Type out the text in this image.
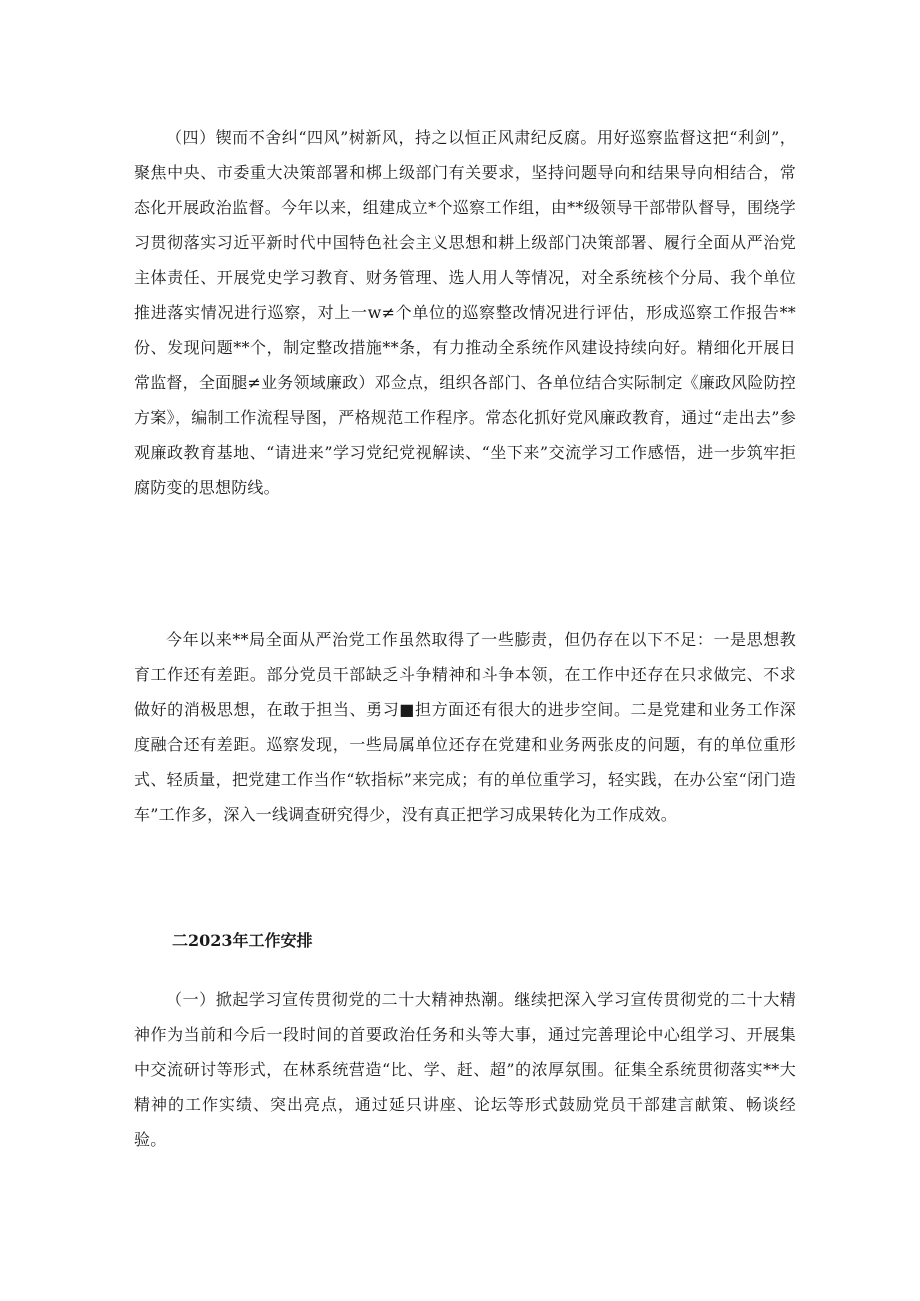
（四）锲而不舍纠“四风”树新风，持之以恒正风肃纪反腐。用好巡察监督这把“利剑”，聚焦中央、市委重大决策部署和梆上级部门有关要求，坚持问题导向和结果导向相结合，常态化开展政治监督。今年以来，组建成立*个巡察工作组，由**级领导干部带队督导，围绕学习贯彻落实习近平新时代中国特色社会主义思想和耕上级部门决策部署、履行全面从严治党主体责任、开展党史学习教育、财务管理、选人用人等情况，对全系统核个分局、我个单位推进落实情况进行巡察，对上一w≠个单位的巡察整改情况进行评估，形成巡察工作报告**份、发现问题**个，制定整改措施**条，有力推动全系统作风建设持续向好。精细化开展日常监督，全面腿≠业务领域廉政）邓佥点，组织各部门、各单位结合实际制定《廉政风险防控方案》，编制工作流程导图，严格规范工作程序。常态化抓好党风廉政教育，通过“走出去”参观廉政教育基地、“请进来”学习党纪党视解读、“坐下来”交流学习工作感悟，进一步筑牢拒腐防变的思想防线。

今年以来**局全面从严治党工作虽然取得了一些膨责，但仍存在以下不足：一是思想教育工作还有差距。部分党员干部缺乏斗争精神和斗争本领，在工作中还存在只求做完、不求做好的消极思想，在敢于担当、勇习■担方面还有很大的进步空间。二是党建和业务工作深度融合还有差距。巡察发现，一些局属单位还存在党建和业务两张皮的问题，有的单位重形式、轻质量，把党建工作当作“软指标”来完成；有的单位重学习，轻实践，在办公室“闭门造车”工作多，深入一线调查研究得少，没有真正把学习成果转化为工作成效。

二2023年工作安排

（一）掀起学习宣传贯彻党的二十大精神热潮。继续把深入学习宣传贯彻党的二十大精神作为当前和今后一段时间的首要政治任务和头等大事，通过完善理论中心组学习、开展集中交流研讨等形式，在林系统营造“比、学、赶、超”的浓厚氛围。征集全系统贯彻落实**大精神的工作实绩、突出亮点，通过延只讲座、论坛等形式鼓励党员干部建言献策、畅谈经验。
